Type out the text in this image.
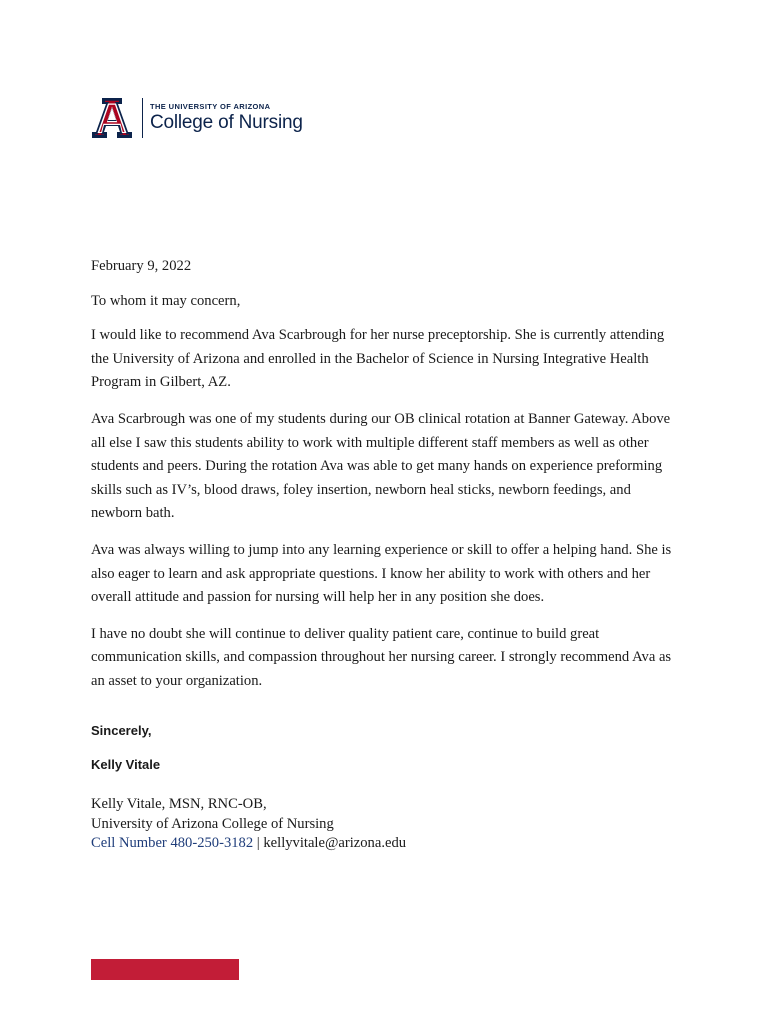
THE UNIVERSITY OF ARIZONA
College of Nursing

February 9, 2022

To whom it may concern,

I would like to recommend Ava Scarbrough for her nurse preceptorship. She is currently attending the University of Arizona and enrolled in the Bachelor of Science in Nursing Integrative Health Program in Gilbert, AZ.

Ava Scarbrough was one of my students during our OB clinical rotation at Banner Gateway. Above all else I saw this students ability to work with multiple different staff members as well as other students and peers. During the rotation Ava was able to get many hands on experience preforming skills such as IV’s, blood draws, foley insertion, newborn heal sticks, newborn feedings, and newborn bath.

Ava was always willing to jump into any learning experience or skill to offer a helping hand. She is also eager to learn and ask appropriate questions. I know her ability to work with others and her overall attitude and passion for nursing will help her in any position she does.

I have no doubt she will continue to deliver quality patient care, continue to build great communication skills, and compassion throughout her nursing career. I strongly recommend Ava as an asset to your organization.

Sincerely,
Kelly Vitale
Kelly Vitale, MSN, RNC-OB,
University of Arizona College of Nursing
Cell Number 480-250-3182 | kellyvitale@arizona.edu
